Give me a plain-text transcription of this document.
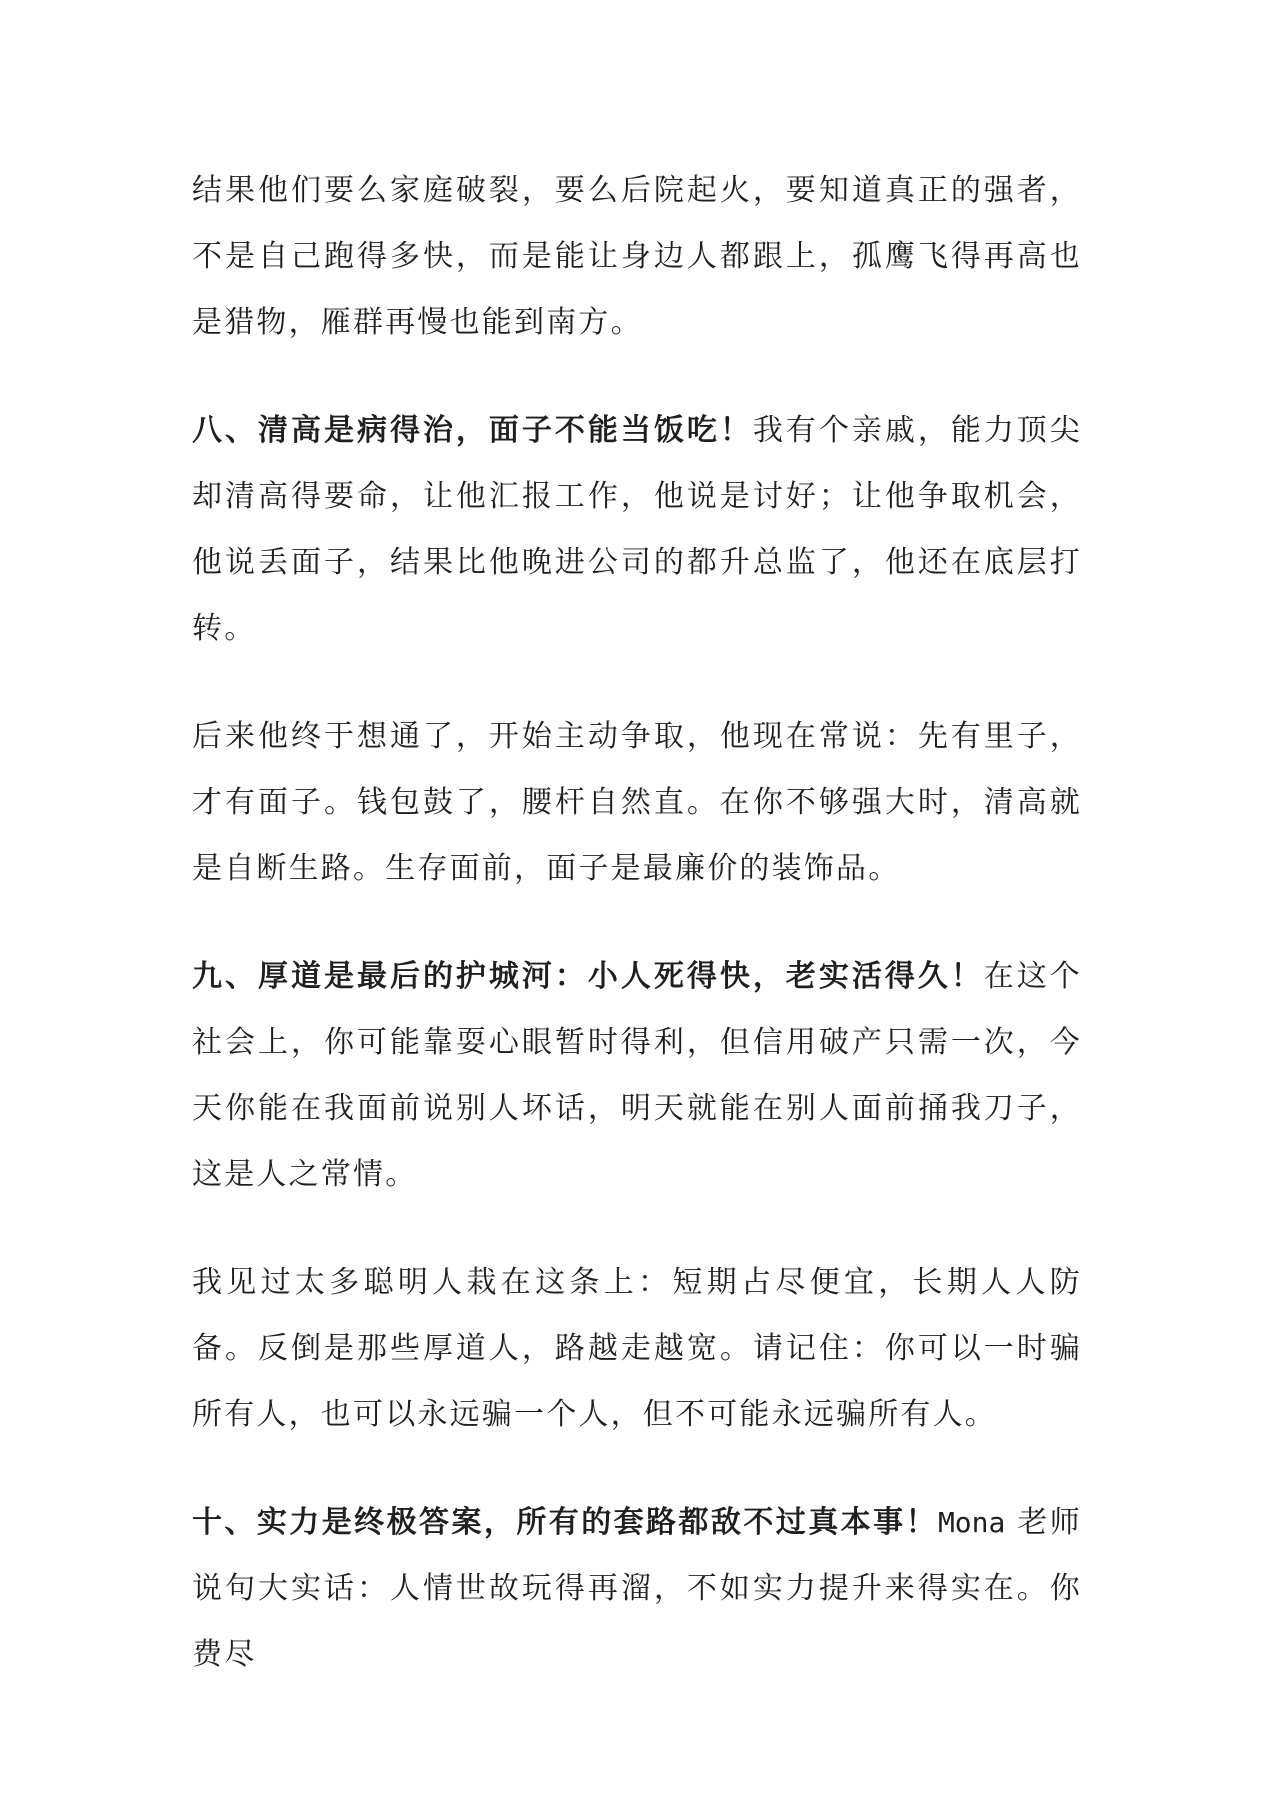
结果他们要么家庭破裂，要么后院起火，要知道真正的强者，不是自己跑得多快，而是能让身边人都跟上，孤鹰飞得再高也是猎物，雁群再慢也能到南方。

八、清高是病得治，面子不能当饭吃！我有个亲戚，能力顶尖却清高得要命，让他汇报工作，他说是讨好；让他争取机会，他说丢面子，结果比他晚进公司的都升总监了，他还在底层打转。

后来他终于想通了，开始主动争取，他现在常说：先有里子，才有面子。钱包鼓了，腰杆自然直。在你不够强大时，清高就是自断生路。生存面前，面子是最廉价的装饰品。

九、厚道是最后的护城河：小人死得快，老实活得久！在这个社会上，你可能靠耍心眼暂时得利，但信用破产只需一次，今天你能在我面前说别人坏话，明天就能在别人面前捅我刀子，这是人之常情。

我见过太多聪明人栽在这条上：短期占尽便宜，长期人人防备。反倒是那些厚道人，路越走越宽。请记住：你可以一时骗所有人，也可以永远骗一个人，但不可能永远骗所有人。

十、实力是终极答案，所有的套路都敌不过真本事！Mona 老师说句大实话：人情世故玩得再溜，不如实力提升来得实在。你费尽
